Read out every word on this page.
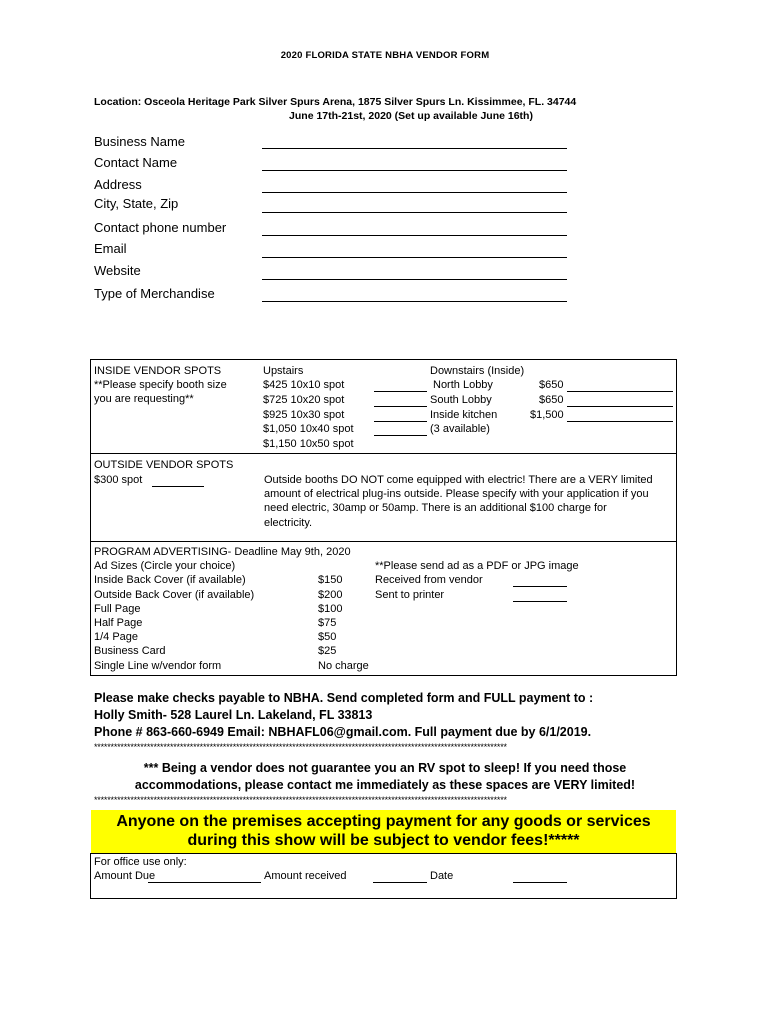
2020 FLORIDA STATE NBHA VENDOR FORM
Location: Osceola Heritage Park Silver Spurs Arena, 1875 Silver Spurs Ln. Kissimmee, FL. 34744
June 17th-21st, 2020 (Set up available June 16th)
Business Name
Contact Name
Address
City, State, Zip
Contact phone number
Email
Website
Type of Merchandise
INSIDE VENDOR SPOTS
**Please specify booth size
you are requesting**
Upstairs
$425 10x10 spot
$725 10x20 spot
$925 10x30 spot
$1,050 10x40 spot
$1,150 10x50 spot
Downstairs (Inside)
North Lobby	$650
South Lobby	$650
Inside kitchen	$1,500
(3 available)
OUTSIDE VENDOR SPOTS
$300 spot	Outside booths DO NOT come equipped with electric! There are a VERY limited
amount of electrical plug-ins outside. Please specify with your application if you
need electric, 30amp or 50amp. There is an additional $100 charge for
electricity.
PROGRAM ADVERTISING- Deadline May 9th, 2020
Ad Sizes (Circle your choice)
Inside Back Cover (if available)	$150
Outside Back Cover (if available)	$200
Full Page	$100
Half Page	$75
1/4 Page	$50
Business Card	$25
Single Line w/vendor form	No charge
**Please send ad as a PDF or JPG image
Received from vendor
Sent to printer
Please make checks payable to NBHA. Send completed form and FULL payment to :
Holly Smith- 528 Laurel Ln. Lakeland, FL 33813
Phone # 863-660-6949 Email: NBHAFL06@gmail.com. Full payment due by 6/1/2019.
*****************************************************************************************************************************
*** Being a vendor does not guarantee you an RV spot to sleep! If you need those
accommodations, please contact me immediately as these spaces are VERY limited!
*****************************************************************************************************************************
Anyone on the premises accepting payment for any goods or services
during this show will be subject to vendor fees!*****
For office use only:
Amount Due	Amount received	Date
